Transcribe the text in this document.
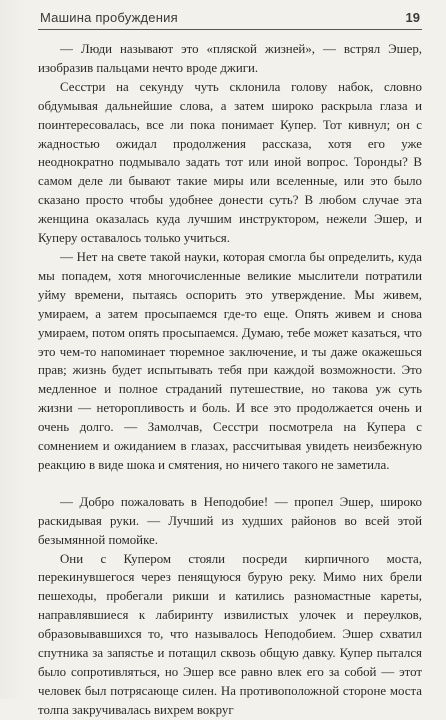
Машина пробуждения	19

— Люди называют это «пляской жизней», — встрял Эшер, изобразив пальцами нечто вроде джиги.

Сесстри на секунду чуть склонила голову набок, словно обдумывая дальнейшие слова, а затем широко раскрыла глаза и поинтересовалась, все ли пока понимает Купер. Тот кивнул; он с жадностью ожидал продолжения рассказа, хотя его уже неоднократно подмывало задать тот или иной вопрос. Торонды? В самом деле ли бывают такие миры или вселенные, или это было сказано просто чтобы удобнее донести суть? В любом случае эта женщина оказалась куда лучшим инструктором, нежели Эшер, и Куперу оставалось только учиться.

— Нет на свете такой науки, которая смогла бы определить, куда мы попадем, хотя многочисленные великие мыслители потратили уйму времени, пытаясь оспорить это утверждение. Мы живем, умираем, а затем просыпаемся где-то еще. Опять живем и снова умираем, потом опять просыпаемся. Думаю, тебе может казаться, что это чем-то напоминает тюремное заключение, и ты даже окажешься прав; жизнь будет испытывать тебя при каждой возможности. Это медленное и полное страданий путешествие, но такова уж суть жизни — неторопливость и боль. И все это продолжается очень и очень долго. — Замолчав, Сесстри посмотрела на Купера с сомнением и ожиданием в глазах, рассчитывая увидеть неизбежную реакцию в виде шока и смятения, но ничего такого не заметила.

— Добро пожаловать в Неподобие! — пропел Эшер, широко раскидывая руки. — Лучший из худших районов во всей этой безымянной помойке.

Они с Купером стояли посреди кирпичного моста, перекинувшегося через пенящуюся бурую реку. Мимо них брели пешеходы, пробегали рикши и катились разномастные кареты, направлявшиеся к лабиринту извилистых улочек и переулков, образовывавшихся то, что называлось Неподобием. Эшер схватил спутника за запястье и потащил сквозь общую давку. Купер пытался было сопротивляться, но Эшер все равно влек его за собой — этот человек был потрясающе силен. На противоположной стороне моста толпа закручивалась вихрем вокруг
